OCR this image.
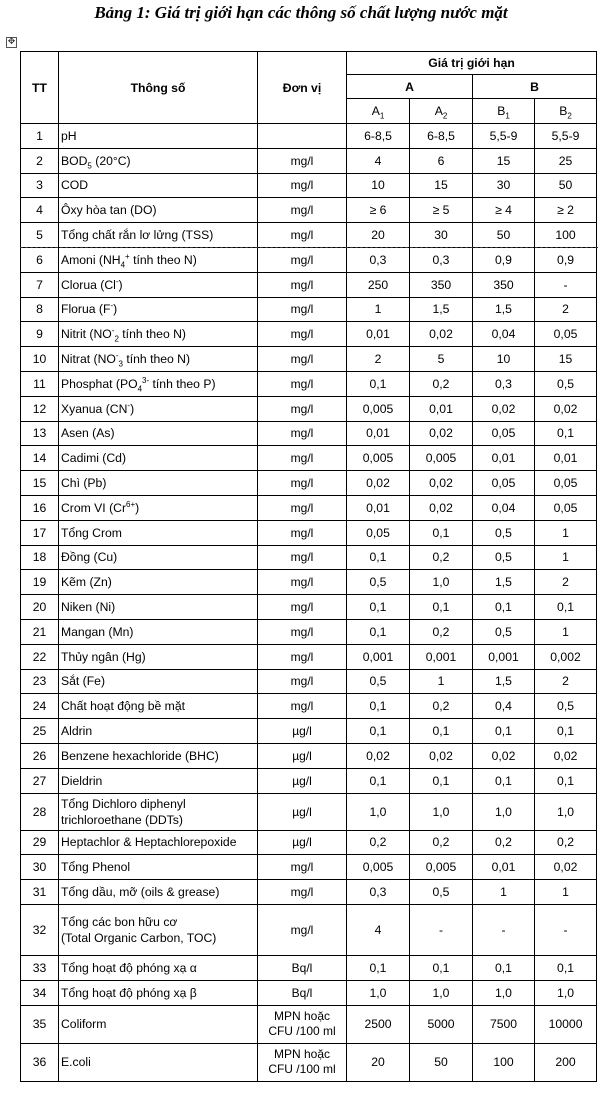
Bảng 1: Giá trị giới hạn các thông số chất lượng nước mặt
✥
TT	Thông số	Đơn vị	Giá trị giới hạn			
			A		B	
			$A_1$	$A_2$	$B_1$	$B_2$
1	pH		6-8,5	6-8,5	5,5-9	5,5-9
2	$BOD_5$ (20°C)	mg/l	4	6	15	25
3	COD	mg/l	10	15	30	50
4	Ôxy hòa tan (DO)	mg/l	≥ 6	≥ 5	≥ 4	≥ 2
5	Tổng chất rắn lơ lửng (TSS)	mg/l	20	30	50	100
6	Amoni ($NH_4^+$ tính theo N)	mg/l	0,3	0,3	0,9	0,9
7	Clorua (Cl-)	mg/l	250	350	350	-
8	Florua (F-)	mg/l	1	1,5	1,5	2
9	Nitrit ($NO^-_2$ tính theo N)	mg/l	0,01	0,02	0,04	0,05
10	Nitrat ($NO^-_3$ tính theo N)	mg/l	2	5	10	15
11	Phosphat ($PO_4^{3-}$ tính theo P)	mg/l	0,1	0,2	0,3	0,5
12	Xyanua (CN-)	mg/l	0,005	0,01	0,02	0,02
13	Asen (As)	mg/l	0,01	0,02	0,05	0,1
14	Cadimi (Cd)	mg/l	0,005	0,005	0,01	0,01
15	Chì (Pb)	mg/l	0,02	0,02	0,05	0,05
16	Crom VI $(Cr^{6+})$	mg/l	0,01	0,02	0,04	0,05
17	Tổng Crom	mg/l	0,05	0,1	0,5	1
18	Đồng (Cu)	mg/l	0,1	0,2	0,5	1
19	Kẽm (Zn)	mg/l	0,5	1,0	1,5	2
20	Niken (Ni)	mg/l	0,1	0,1	0,1	0,1
21	Mangan (Mn)	mg/l	0,1	0,2	0,5	1
22	Thủy ngân (Hg)	mg/l	0,001	0,001	0,001	0,002
23	Sắt (Fe)	mg/l	0,5	1	1,5	2
24	Chất hoạt động bề mặt	mg/l	0,1	0,2	0,4	0,5
25	Aldrin	µg/l	0,1	0,1	0,1	0,1
26	Benzene hexachloride (BHC)	µg/l	0,02	0,02	0,02	0,02
27	Dieldrin	µg/l	0,1	0,1	0,1	0,1
28	Tổng Dichloro diphenyl
trichloroethane (DDTs)	µg/l	1,0	1,0	1,0	1,0
29	Heptachlor & Heptachlorepoxide	µg/l	0,2	0,2	0,2	0,2
30	Tổng Phenol	mg/l	0,005	0,005	0,01	0,02
31	Tổng dầu, mỡ (oils & grease)	mg/l	0,3	0,5	1	1
32	Tổng các bon hữu cơ
(Total Organic Carbon, TOC)	mg/l	4	-	-	-
33	Tổng hoạt độ phóng xạ α	Bq/l	0,1	0,1	0,1	0,1
34	Tổng hoạt độ phóng xạ β	Bq/l	1,0	1,0	1,0	1,0
35	Coliform	MPN hoặc
CFU /100 ml	2500	5000	7500	10000
36	E.coli	MPN hoặc
CFU /100 ml	20	50	100	200
